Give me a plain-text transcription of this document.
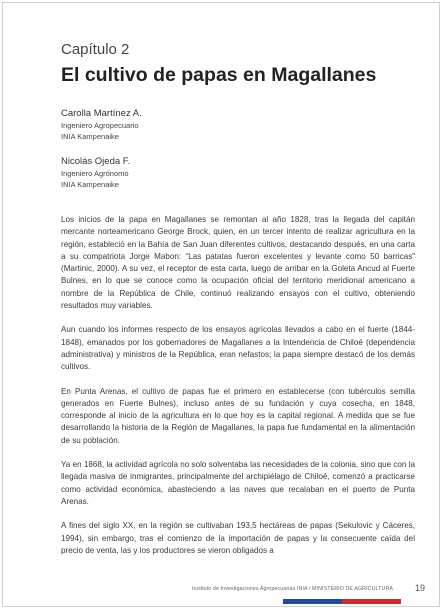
Capítulo 2

El cultivo de papas en Magallanes
Carolla Martínez A.
Ingeniero Agropecuario
INIA Kampenaike
Nicolás Ojeda F.
Ingeniero Agrónomo
INIA Kampenaike

Los inicios de la papa en Magallanes se remontan al año 1828, tras la llegada del capitán mercante norteamericano George Brock, quien, en un tercer intento de realizar agricultura en la región, estableció en la Bahía de San Juan diferentes cultivos, destacando después, en una carta a su compatriota Jorge Mabon: “Las patatas fueron excelentes y levante como 50 barricas” (Martinic, 2000). A su vez, el receptor de esta carta, luego de arribar en la Goleta Ancud al Fuerte Bulnes, en lo que se conoce como la ocupación oficial del territorio meridional americano a nombre de la República de Chile, continuó realizando ensayos con el cultivo, obteniendo resultados muy variables.

Aun cuando los informes respecto de los ensayos agrícolas llevados a cabo en el fuerte (1844-1848), emanados por los gobernadores de Magallanes a la Intendencia de Chiloé (dependencia administrativa) y ministros de la República, eran nefastos; la papa siempre destacó de los demás cultivos.

En Punta Arenas, el cultivo de papas fue el primero en establecerse (con tubérculos semilla generados en Fuerte Bulnes), incluso antes de su fundación y cuya cosecha, en 1848, corresponde al inicio de la agricultura en lo que hoy es la capital regional. A medida que se fue desarrollando la historia de la Región de Magallanes, la papa fue fundamental en la alimentación de su población.

Ya en 1868, la actividad agrícola no solo solventaba las necesidades de la colonia, sino que con la llegada masiva de inmigrantes, principalmente del archipiélago de Chiloé, comenzó a practicarse como actividad económica, abasteciendo a las naves que recalaban en el puerto de Punta Arenas.

A fines del siglo XX, en la región se cultivaban 193,5 hectáreas de papas (Sekulovic y Cáceres, 1994), sin embargo, tras el comienzo de la importación de papas y la consecuente caída del precio de venta, las y los productores se vieron obligados a

Instituto de Investigaciones Agropecuarias INIA / MINISTERIO DE AGRICULTURA 19
